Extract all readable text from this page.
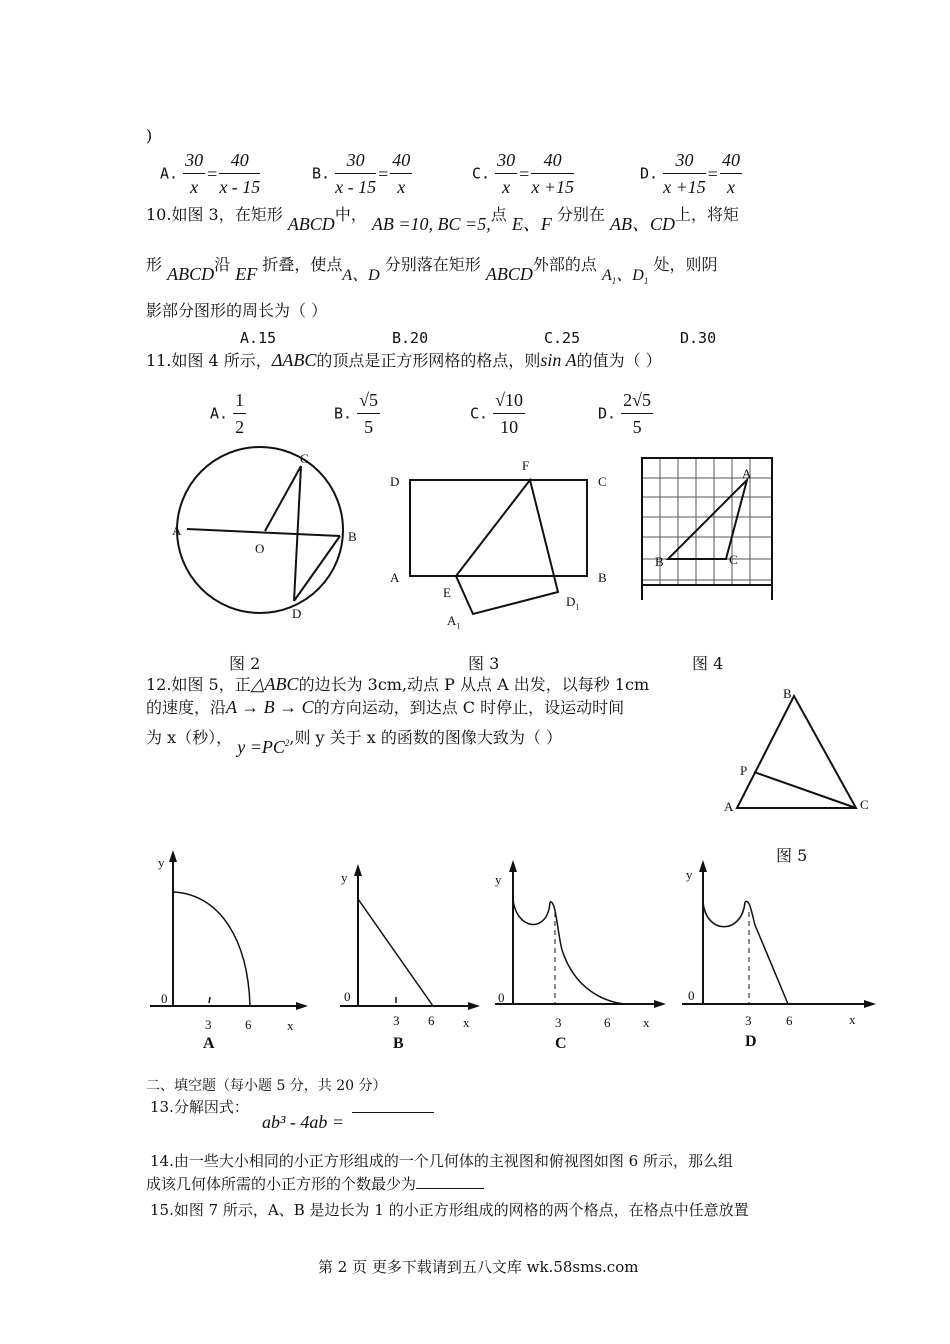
)
A. $\frac{30}{x} = \frac{40}{x - 15}$	B. $\frac{30}{x - 15} = \frac{40}{x}$	C. $\frac{30}{x} = \frac{40}{x +15}$	D. $\frac{30}{x +15} = \frac{40}{x}$
10.如图 3，在矩形 ABCD中， AB =10, BC =5,点 E、F 分别在 AB、CD上，将矩
形 ABCD沿 EF 折叠，使点A、D 分别落在矩形 ABCD外部的点 $A_1$、$D_1$ 处，则阴
影部分图形的周长为（ ）
A.15	B.20	C.25	D.30
11.如图 4 所示，ΔABC的顶点是正方形网格的格点，则sin A的值为（ ）
A. $\frac{1}{2}$	B. $\frac{√5}{5}$	C. $\frac{√10}{10}$	D. $\frac{2√5}{5}$
C
A
O
B
D
图 2
D
F
C
A	B
E
$A_1$
$D_1$
图 3
A
B	C
图 4
12.如图 5，正△ABC的边长为 3cm,动点 P 从点 A 出发，以每秒 1cm
的速度，沿A → B → C的方向运动，到达点 C 时停止，设运动时间
为 x（秒）， $y =PC^2$,则 y 关于 x 的函数的图像大致为（ ）
B
P
A	C
图 5
y
0
3	6	x
A
y
0
3 6 x
B
y
0
3	6	x
C
y
0
3	6	x
D
二、填空题（每小题 5 分，共 20 分）
13.分解因式：
ab³ - 4ab =
14.由一些大小相同的小正方形组成的一个几何体的主视图和俯视图如图 6 所示，那么组
成该几何体所需的小正方形的个数最少为
15.如图 7 所示，A、B 是边长为 1 的小正方形组成的网格的两个格点，在格点中任意放置
第 2 页 更多下载请到五八文库 wk.58sms.com
